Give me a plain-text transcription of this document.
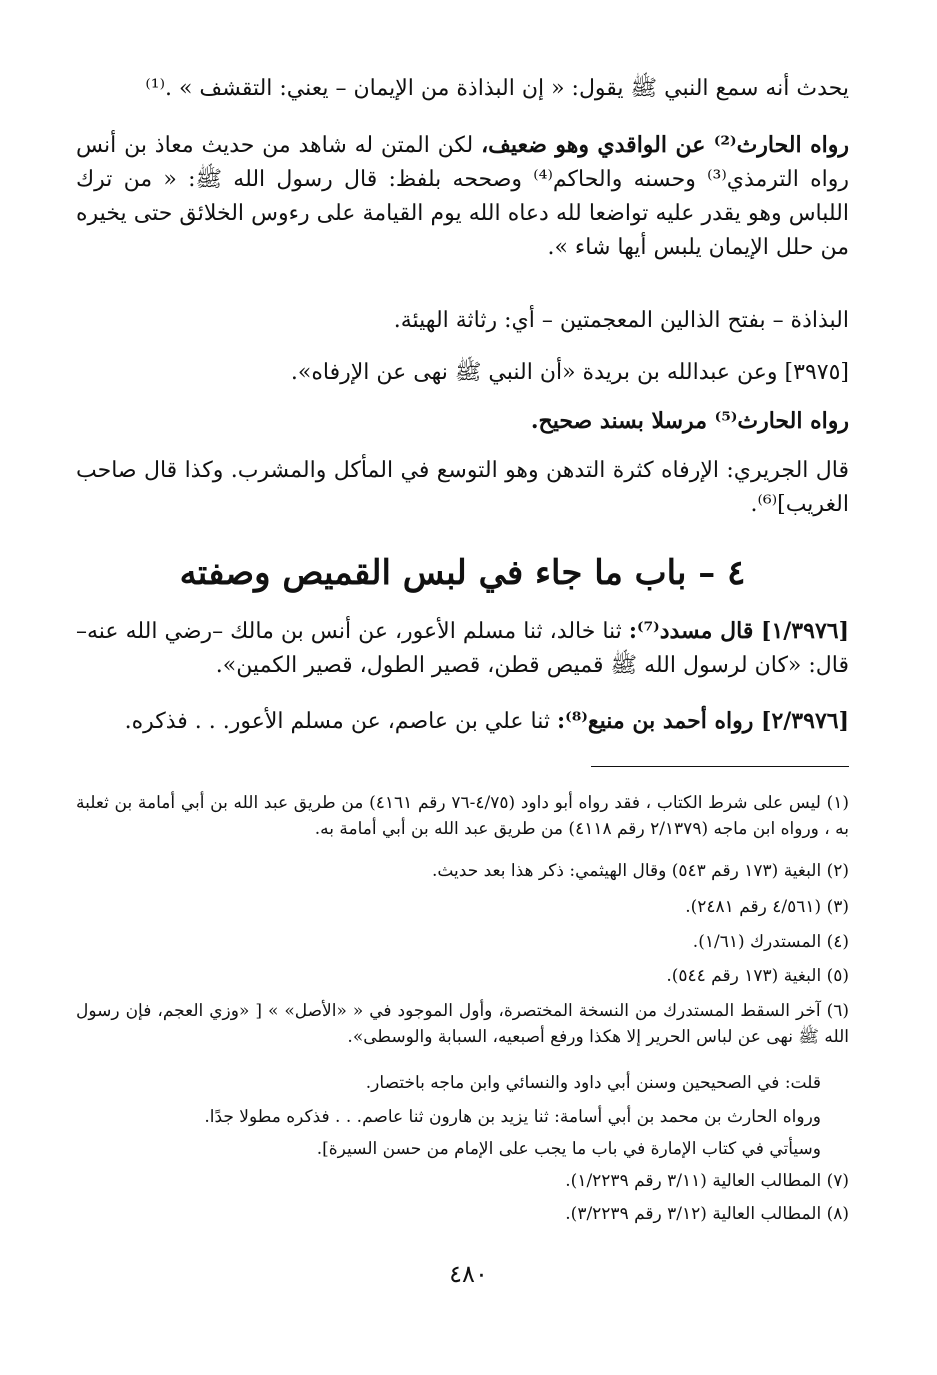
يحدث أنه سمع النبي ﷺ يقول: « إن البذاذة من الإيمان – يعني: التقشف » .⁽¹⁾
رواه الحارث⁽²⁾ عن الواقدي وهو ضعيف، لكن المتن له شاهد من حديث معاذ بن أنس رواه الترمذي⁽³⁾ وحسنه والحاكم⁽⁴⁾ وصححه بلفظ: قال رسول الله ﷺ: « من ترك اللباس وهو يقدر عليه تواضعا لله دعاه الله يوم القيامة على رءوس الخلائق حتى يخيره من حلل الإيمان يلبس أيها شاء ».
البذاذة – بفتح الذالين المعجمتين – أي: رثاثة الهيئة.
[٣٩٧٥] وعن عبدالله بن بريدة «أن النبي ﷺ نهى عن الإرفاه».
رواه الحارث⁽⁵⁾ مرسلا بسند صحيح.
قال الجريري: الإرفاه كثرة التدهن وهو التوسع في المأكل والمشرب. وكذا قال صاحب الغريب]⁽⁶⁾.
٤ – باب ما جاء في لبس القميص وصفته
[١/٣٩٧٦] قال مسدد⁽⁷⁾: ثنا خالد، ثنا مسلم الأعور، عن أنس بن مالك –رضي الله عنه– قال: «كان لرسول الله ﷺ قميص قطن، قصير الطول، قصير الكمين».
[٢/٣٩٧٦] رواه أحمد بن منيع⁽⁸⁾: ثنا علي بن عاصم، عن مسلم الأعور. . . فذكره.
(١) ليس على شرط الكتاب ، فقد رواه أبو داود (٤/٧٥-٧٦ رقم ٤١٦١) من طريق عبد الله بن أبي أمامة بن ثعلبة به ، ورواه ابن ماجه (٢/١٣٧٩ رقم ٤١١٨) من طريق عبد الله بن أبي أمامة به.
(٢) البغية (١٧٣ رقم ٥٤٣) وقال الهيثمي: ذكر هذا بعد حديث.
(٣) (٤/٥٦١ رقم ٢٤٨١).
(٤) المستدرك (١/٦١).
(٥) البغية (١٧٣ رقم ٥٤٤).
(٦) آخر السقط المستدرك من النسخة المختصرة، وأول الموجود في « «الأصل» » [ «وزي العجم، فإن رسول الله ﷺ نهى عن لباس الحرير إلا هكذا ورفع أصبعيه، السبابة والوسطى».
قلت: في الصحيحين وسنن أبي داود والنسائي وابن ماجه باختصار.
ورواه الحارث بن محمد بن أبي أسامة: ثنا يزيد بن هارون ثنا عاصم. . . فذكره مطولا جدًا.
وسيأتي في كتاب الإمارة في باب ما يجب على الإمام من حسن السيرة].
(٧) المطالب العالية (٣/١١ رقم ١/٢٢٣٩).
(٨) المطالب العالية (٣/١٢ رقم ٣/٢٢٣٩).
٤٨٠
